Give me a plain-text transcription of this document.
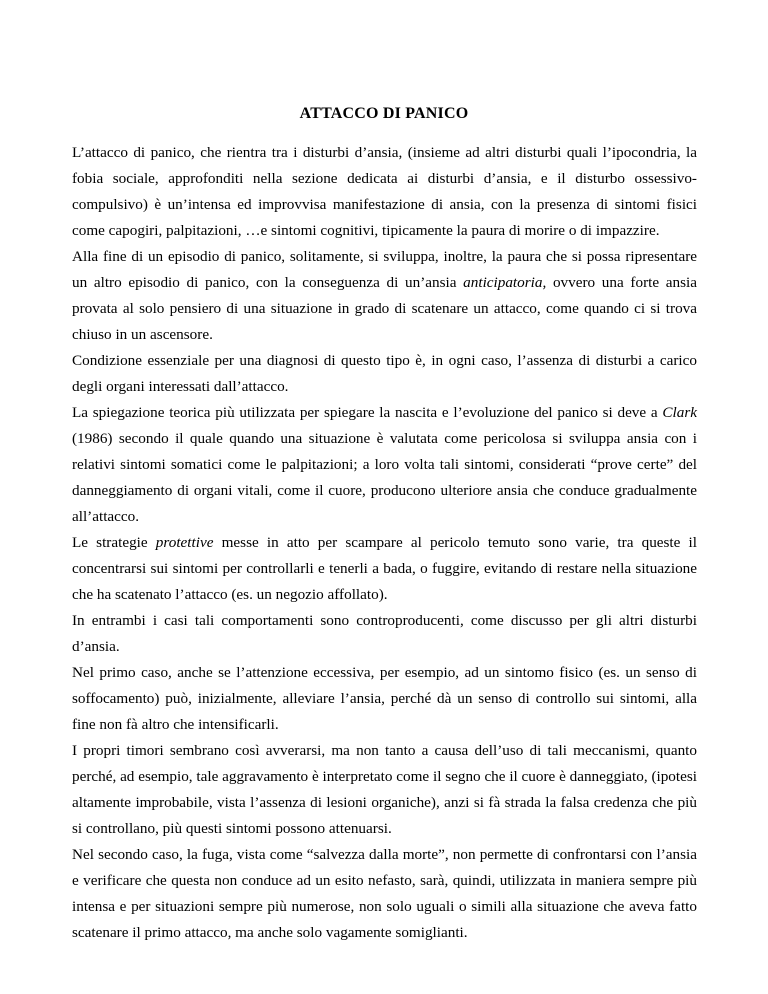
ATTACCO DI PANICO

L’attacco di panico, che rientra tra i disturbi d’ansia, (insieme ad altri disturbi quali l’ipocondria, la fobia sociale, approfonditi nella sezione dedicata ai disturbi d’ansia, e il disturbo ossessivo-compulsivo) è un’intensa ed improvvisa manifestazione di ansia, con la presenza di sintomi fisici come capogiri, palpitazioni, …e sintomi cognitivi, tipicamente la paura di morire o di impazzire.

Alla fine di un episodio di panico, solitamente, si sviluppa, inoltre, la paura che si possa ripresentare un altro episodio di panico, con la conseguenza di un’ansia anticipatoria, ovvero una forte ansia provata al solo pensiero di una situazione in grado di scatenare un attacco, come quando ci si trova chiuso in un ascensore.

Condizione essenziale per una diagnosi di questo tipo è, in ogni caso, l’assenza di disturbi a carico degli organi interessati dall’attacco.

La spiegazione teorica più utilizzata per spiegare la nascita e l’evoluzione del panico si deve a Clark (1986) secondo il quale quando una situazione è valutata come pericolosa si sviluppa ansia con i relativi sintomi somatici come le palpitazioni; a loro volta tali sintomi, considerati “prove certe” del danneggiamento di organi vitali, come il cuore, producono ulteriore ansia che conduce gradualmente all’attacco.

Le strategie protettive messe in atto per scampare al pericolo temuto sono varie, tra queste il concentrarsi sui sintomi per controllarli e tenerli a bada, o fuggire, evitando di restare nella situazione che ha scatenato l’attacco (es. un negozio affollato).

In entrambi i casi tali comportamenti sono controproducenti, come discusso per gli altri disturbi d’ansia.

Nel primo caso, anche se l’attenzione eccessiva, per esempio, ad un sintomo fisico (es. un senso di soffocamento) può, inizialmente, alleviare l’ansia, perché dà un senso di controllo sui sintomi, alla fine non fà altro che intensificarli.

I propri timori sembrano così avverarsi, ma non tanto a causa dell’uso di tali meccanismi, quanto perché, ad esempio, tale aggravamento è interpretato come il segno che il cuore è danneggiato, (ipotesi altamente improbabile, vista l’assenza di lesioni organiche), anzi si fà strada la falsa credenza che più si controllano, più questi sintomi possono attenuarsi.

Nel secondo caso, la fuga, vista come “salvezza dalla morte”, non permette di confrontarsi con l’ansia e verificare che questa non conduce ad un esito nefasto, sarà, quindi, utilizzata in maniera sempre più intensa e per situazioni sempre più numerose, non solo uguali o simili alla situazione che aveva fatto scatenare il primo attacco, ma anche solo vagamente somiglianti.
